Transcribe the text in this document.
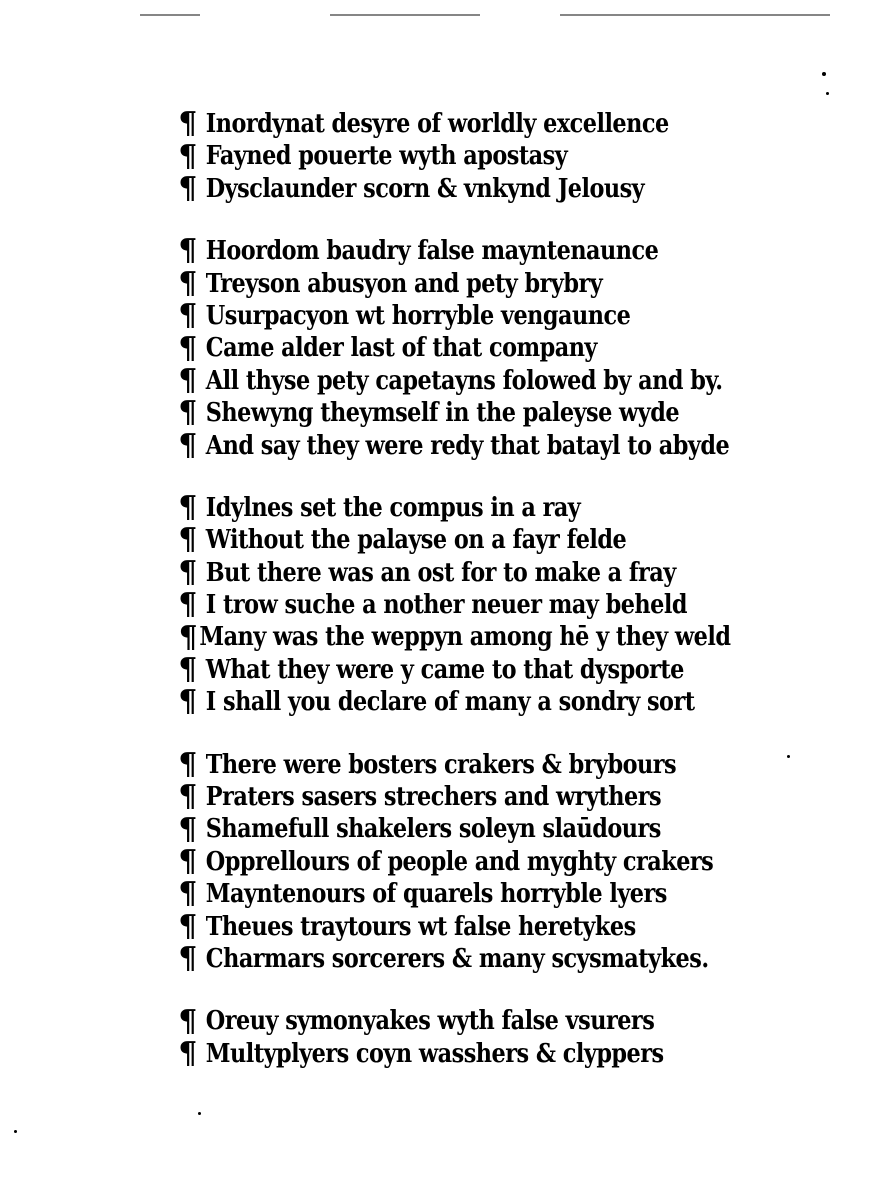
¶ Inordynat desyre of worldly excellence
¶ Fayned pouerte wyth apostasy
¶ Dysclaunder scorn & vnkynd Jelousy
¶ Hoordom baudry false mayntenaunce
¶ Treyson abusyon and pety brybry
¶ Usurpacyon wt horryble vengaunce
¶ Came alder last of that company
¶ All thyse pety capetayns folowed by and by.
¶ Shewyng theymself in the paleyse wyde
¶ And say they were redy that batayl to abyde
¶ Idylnes set the compus in a ray
¶ Without the palayse on a fayr felde
¶ But there was an ost for to make a fray
¶ I trow suche a nother neuer may beheld
¶ Many was the weppyn among hē y they weld
¶ What they were y came to that dysporte
¶ I shall you declare of many a sondry sort
¶ There were bosters crakers & brybours
¶ Praters sasers strechers and wrythers
¶ Shamefull shakelers soleyn slaūdours
¶ Opprellours of people and myghty crakers
¶ Mayntenours of quarels horryble lyers
¶ Theues traytours wt false heretykes
¶ Charmars sorcerers & many scysmatykes.
¶ Oreuy symonyakes wyth false vsurers
¶ Multyplyers coyn wasshers & clyppers
